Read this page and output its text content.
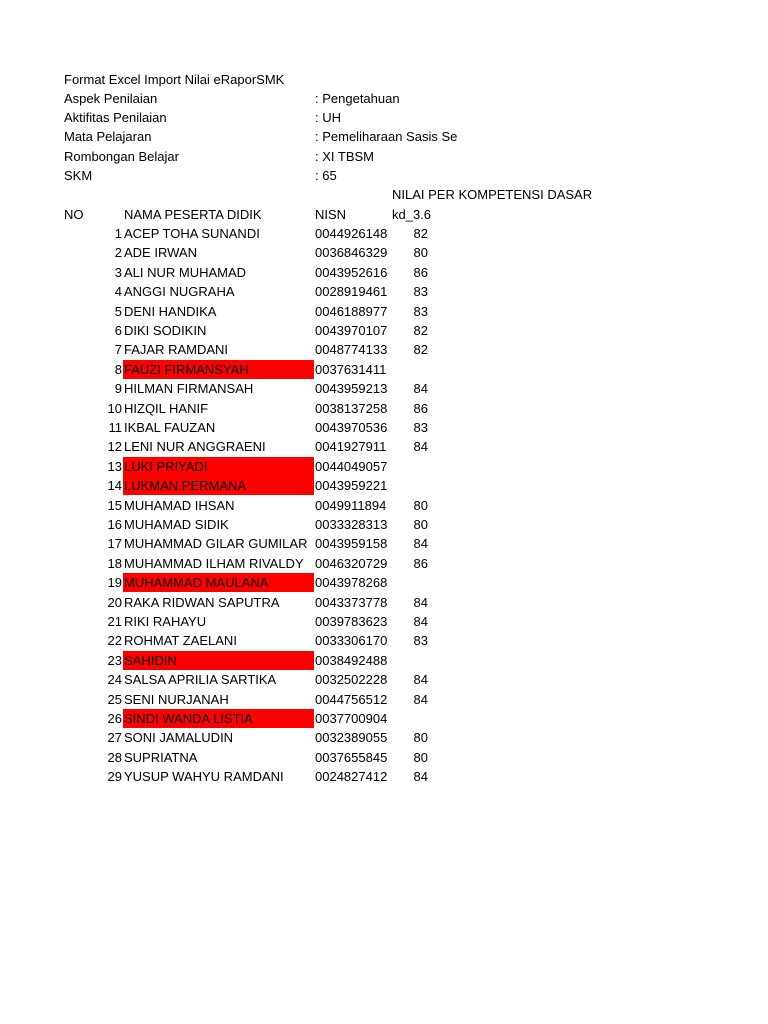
Format Excel Import Nilai eRaporSMK
Aspek Penilaian	: Pengetahuan
Aktifitas Penilaian	: UH
Mata Pelajaran	: Pemeliharaan Sasis Se
Rombongan Belajar	: XI TBSM
SKM	: 65
NILAI PER KOMPETENSI DASAR
NO	NAMA PESERTA DIDIK	NISN	kd_3.6
1 ACEP TOHA SUNANDI	0044926148	82
2 ADE IRWAN	0036846329	80
3 ALI NUR MUHAMAD	0043952616	86
4 ANGGI NUGRAHA	0028919461	83
5 DENI HANDIKA	0046188977	83
6 DIKI SODIKIN	0043970107	82
7 FAJAR RAMDANI	0048774133	82
8 FAUZI FIRMANSYAH	0037631411
9 HILMAN FIRMANSAH	0043959213	84
10 HIZQIL HANIF	0038137258	86
11 IKBAL FAUZAN	0043970536	83
12 LENI NUR ANGGRAENI	0041927911	84
13 LUKI PRIYADI	0044049057
14 LUKMAN PERMANA	0043959221
15 MUHAMAD IHSAN	0049911894	80
16 MUHAMAD SIDIK	0033328313	80
17 MUHAMMAD GILAR GUMILAR 0043959158	84
18 MUHAMMAD ILHAM RIVALDY 0046320729	86
19 MUHAMMAD MAULANA	0043978268
20 RAKA RIDWAN SAPUTRA	0043373778	84
21 RIKI RAHAYU	0039783623	84
22 ROHMAT ZAELANI	0033306170	83
23 SAHIDIN	0038492488
24 SALSA APRILIA SARTIKA	0032502228	84
25 SENI NURJANAH	0044756512	84
26 SINDI WANDA LISTIA	0037700904
27 SONI JAMALUDIN	0032389055	80
28 SUPRIATNA	0037655845	80
29 YUSUP WAHYU RAMDANI	0024827412	84
